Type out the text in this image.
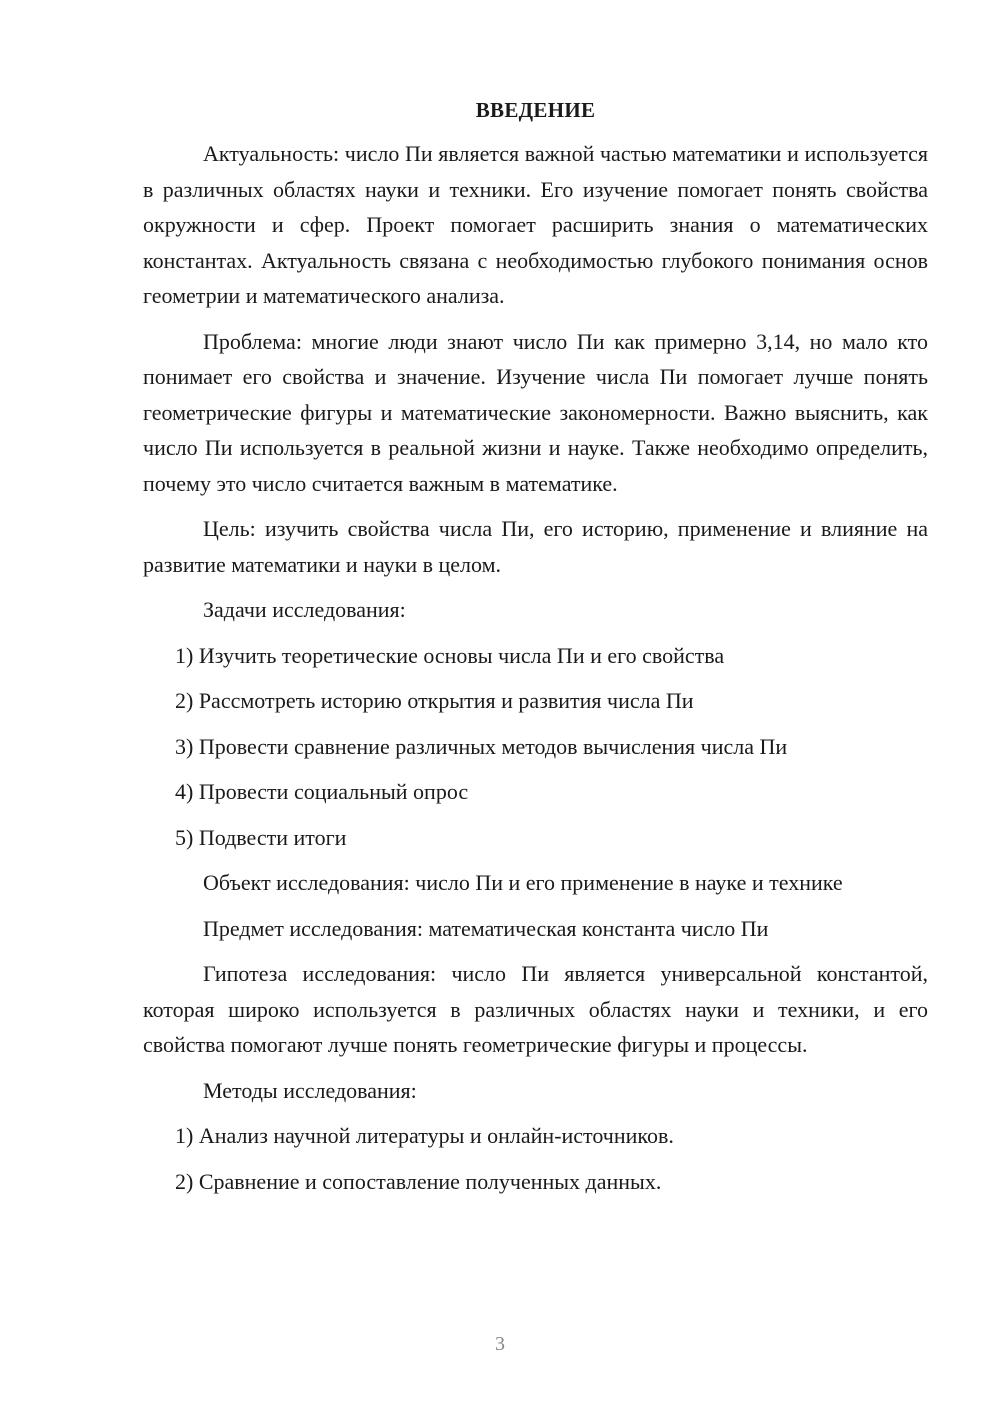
ВВЕДЕНИЕ

Актуальность: число Пи является важной частью математики и используется в различных областях науки и техники. Его изучение помогает понять свойства окружности и сфер. Проект помогает расширить знания о математических константах. Актуальность связана с необходимостью глубокого понимания основ геометрии и математического анализа.

Проблема: многие люди знают число Пи как примерно 3,14, но мало кто понимает его свойства и значение. Изучение числа Пи помогает лучше понять геометрические фигуры и математические закономерности. Важно выяснить, как число Пи используется в реальной жизни и науке. Также необходимо определить, почему это число считается важным в математике.

Цель: изучить свойства числа Пи, его историю, применение и влияние на развитие математики и науки в целом.

Задачи исследования:

1) Изучить теоретические основы числа Пи и его свойства
2) Рассмотреть историю открытия и развития числа Пи
3) Провести сравнение различных методов вычисления числа Пи
4) Провести социальный опрос
5) Подвести итоги

Объект исследования: число Пи и его применение в науке и технике

Предмет исследования: математическая константа число Пи

Гипотеза исследования: число Пи является универсальной константой, которая широко используется в различных областях науки и техники, и его свойства помогают лучше понять геометрические фигуры и процессы.

Методы исследования:

1) Анализ научной литературы и онлайн-источников.
2) Сравнение и сопоставление полученных данных.
3
